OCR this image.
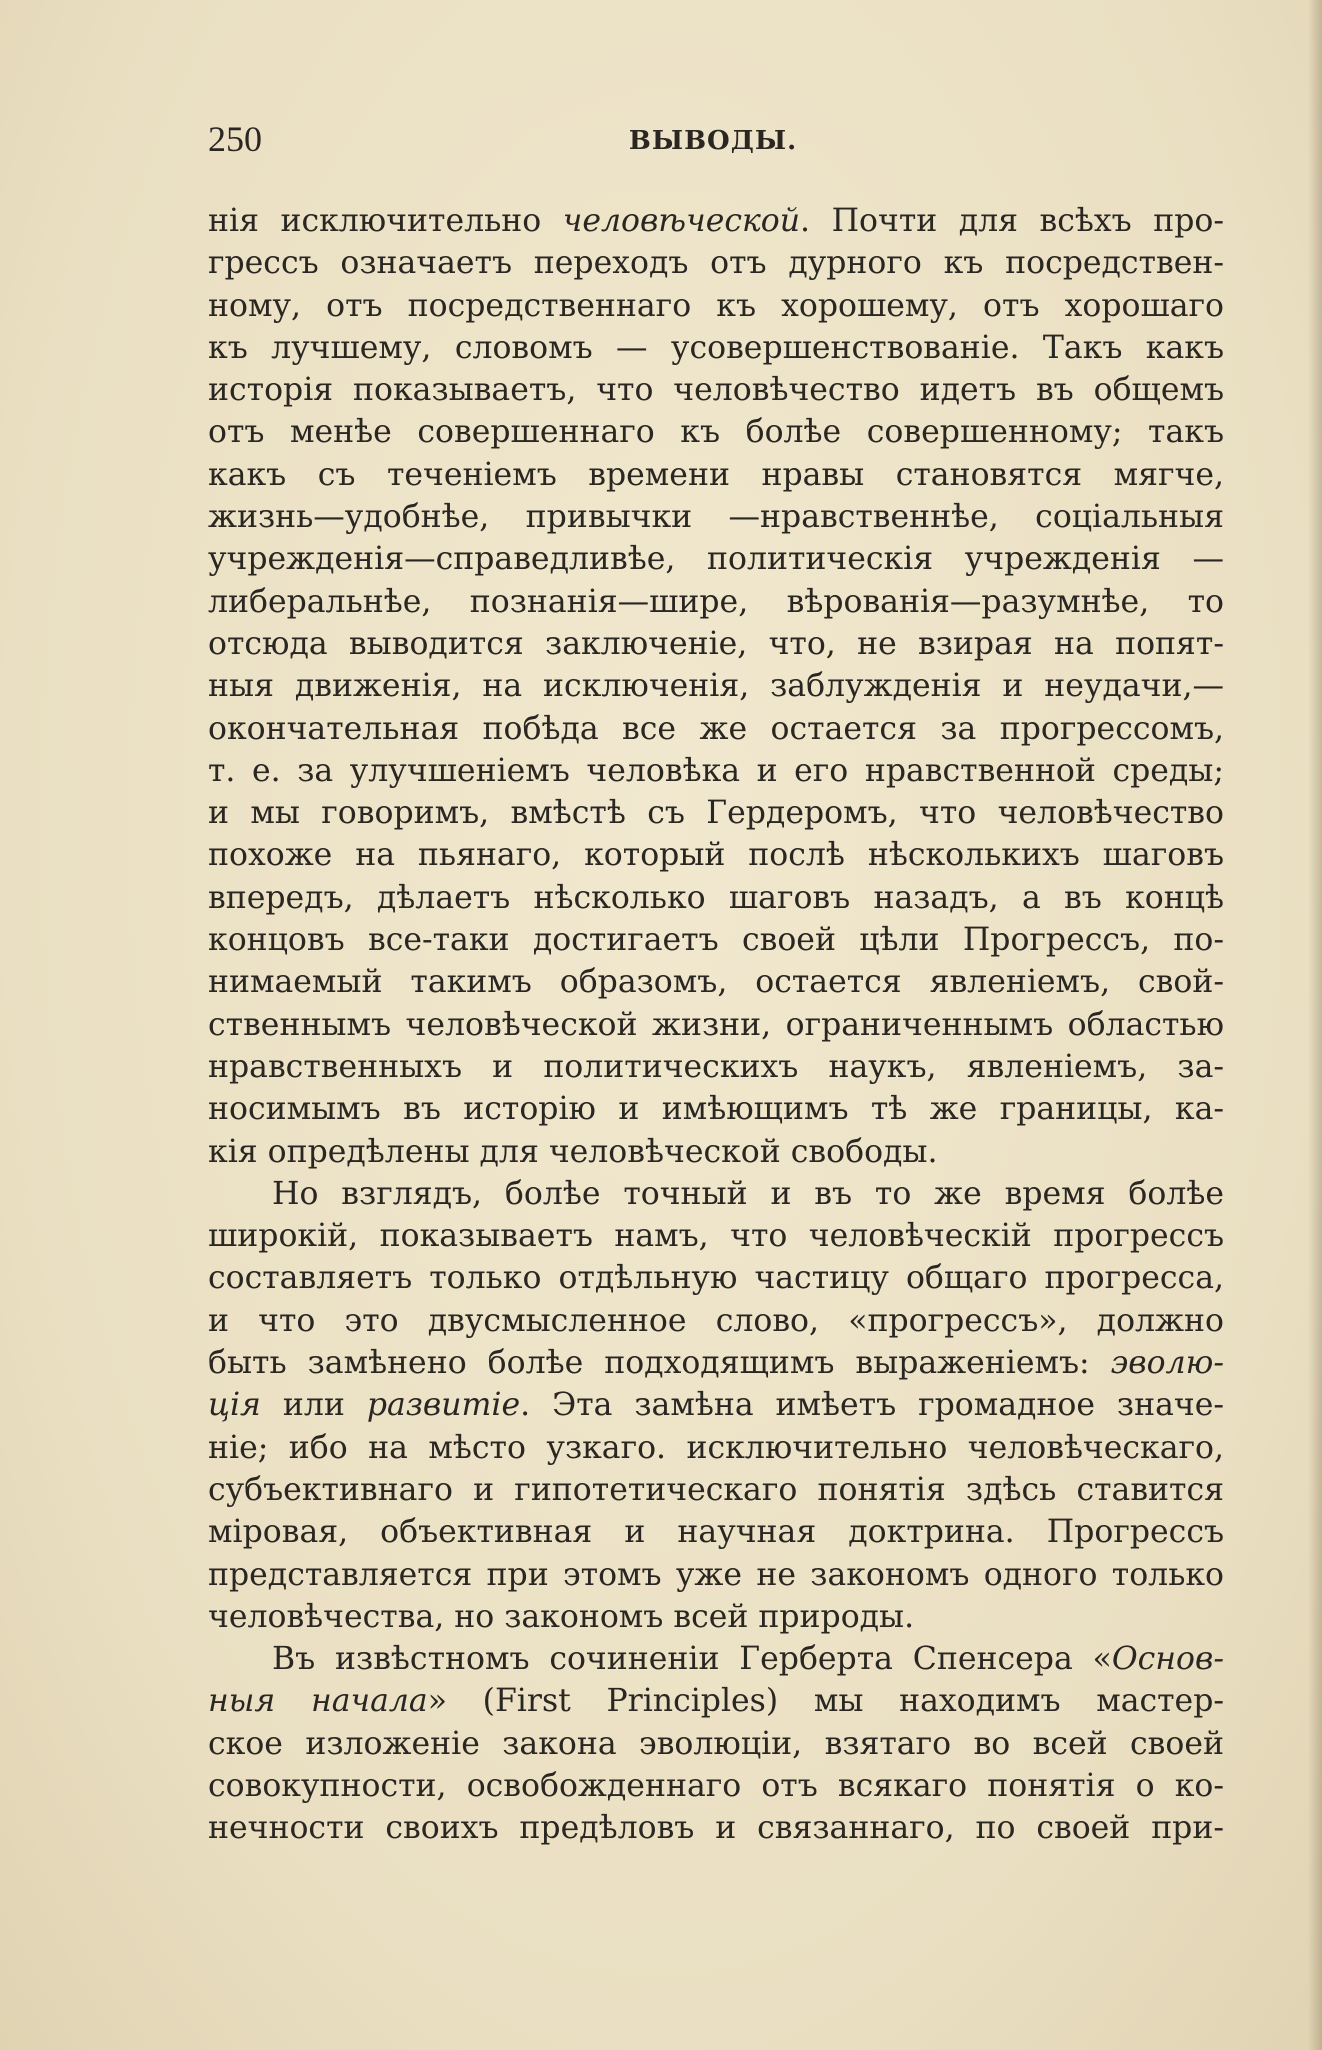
250	ВЫВОДЫ.
нія исключительно человѣческой. Почти для всѣхъ про-
грессъ означаетъ переходъ отъ дурного къ посредствен-
ному, отъ посредственнаго къ хорошему, отъ хорошаго
къ лучшему, словомъ — усовершенствованіе. Такъ какъ
исторія показываетъ, что человѣчество идетъ въ общемъ
отъ менѣе совершеннаго къ болѣе совершенному; такъ
какъ съ теченіемъ времени нравы становятся мягче,
жизнь—удобнѣе, привычки —нравственнѣе, соціальныя
учрежденія—справедливѣе, политическія учрежденія —
либеральнѣе, познанія—шире, вѣрованія—разумнѣе, то
отсюда выводится заключеніе, что, не взирая на попят-
ныя движенія, на исключенія, заблужденія и неудачи,—
окончательная побѣда все же остается за прогрессомъ,
т. е. за улучшеніемъ человѣка и его нравственной среды;
и мы говоримъ, вмѣстѣ съ Гердеромъ, что человѣчество
похоже на пьянаго, который послѣ нѣсколькихъ шаговъ
впередъ, дѣлаетъ нѣсколько шаговъ назадъ, а въ концѣ
концовъ все-таки достигаетъ своей цѣли Прогрессъ, по-
нимаемый такимъ образомъ, остается явленіемъ, свой-
ственнымъ человѣческой жизни, ограниченнымъ областью
нравственныхъ и политическихъ наукъ, явленіемъ, за-
носимымъ въ исторію и имѣющимъ тѣ же границы, ка-
кія опредѣлены для человѣческой свободы.
Но взглядъ, болѣе точный и въ то же время болѣе
широкій, показываетъ намъ, что человѣческій прогрессъ
составляетъ только отдѣльную частицу общаго прогресса,
и что это двусмысленное слово, «прогрессъ», должно
быть замѣнено болѣе подходящимъ выраженіемъ: эволю-
ція или развитіе. Эта замѣна имѣетъ громадное значе-
ніе; ибо на мѣсто узкаго. исключительно человѣческаго,
субъективнаго и гипотетическаго понятія здѣсь ставится
міровая, объективная и научная доктрина. Прогрессъ
представляется при этомъ уже не закономъ одного только
человѣчества, но закономъ всей природы.
Въ извѣстномъ сочиненіи Герберта Спенсера «Основ-
ныя начала» (First Principles) мы находимъ мастер-
ское изложеніе закона эволюціи, взятаго во всей своей
совокупности, освобожденнаго отъ всякаго понятія о ко-
нечности своихъ предѣловъ и связаннаго, по своей при-
